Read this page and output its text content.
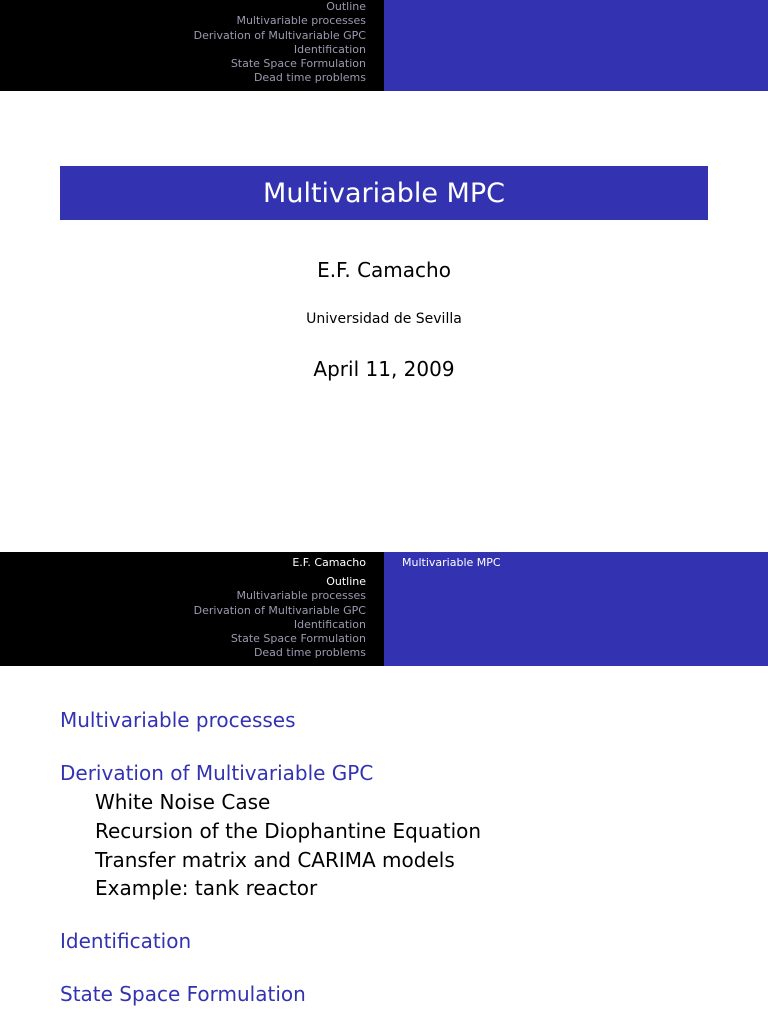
Outline
Multivariable processes
Derivation of Multivariable GPC
Identification
State Space Formulation
Dead time problems
Multivariable MPC
E.F. Camacho
Universidad de Sevilla
April 11, 2009
E.F. Camacho
Outline
Multivariable processes
Derivation of Multivariable GPC
Identification
State Space Formulation
Dead time problems
Multivariable MPC
Multivariable processes
Derivation of Multivariable GPC
White Noise Case
Recursion of the Diophantine Equation
Transfer matrix and CARIMA models
Example: tank reactor
Identification
State Space Formulation
